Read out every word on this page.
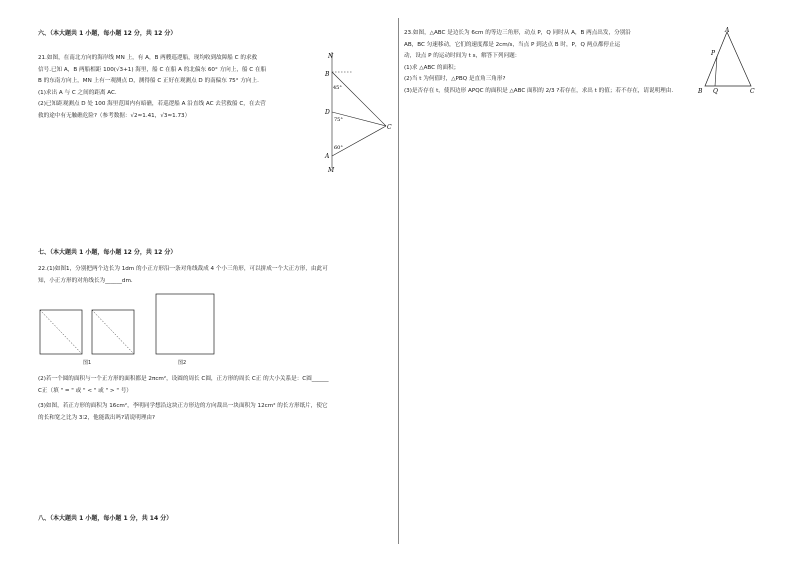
六、（本大题共 1 小题，每小题 12 分，共 12 分）
21.如图，在南北方向的海岸线 MN 上，有 A，B 两艘巡逻船，现均收到故障船 C 的求救
信号.已知 A，B 两船相距 100(√3+1) 海里，船 C 在船 A 的北偏东 60° 方向上，船 C 在船
B 的东南方向上，MN 上有一观测点 D，测得船 C 正好在观测点 D 的南偏东 75° 方向上.
(1)求出 A 与 C 之间的距离 AC.
(2)已知距观测点 D 处 100 海里范围内有暗礁，若巡逻船 A 沿直线 AC 去营救船 C，在去营
救的途中有无触礁危险?（参考数据：√2≈1.41，√3≈1.73）
N
B
D
A
M
C
45°
75°
60°
七、（本大题共 1 小题，每小题 12 分，共 12 分）
22.(1)如图1，分别把两个边长为 1dm 的小正方形沿一条对角线裁成 4 个小三角形，可以拼成一个大正方形，由此可
知，小正方形的对角线长为______dm.
图1	图2
(2)若一个圆的面积与一个正方形的面积都是 2πcm²，设圆的周长 C圆，正方形的周长 C正 的大小关系是：C圆______
C正（填 " = " 或 " < " 或 " > " 号）
(3)如图，若正方形的面积为 16cm²，李明同学想沿这块正方形边的方向裁出一块面积为 12cm² 的长方形纸片，使它
的长和宽之比为 3∶2，他能裁出吗?请说明理由?
八、（本大题共 1 小题，每小题 1 分，共 14 分）
23.如图，△ABC 是边长为 6cm 的等边三角形，动点 P，Q 同时从 A，B 两点出发，分别沿
AB，BC 匀速移动，它们的速度都是 2cm/s，当点 P 到达点 B 时，P，Q 两点都停止运
动，设点 P 的运动时间为 t s，解答下列问题：
(1)求 △ABC 的面积；
(2)当 t 为何值时，△PBQ 是直角三角形?
(3)是否存在 t，使四边形 APQC 的面积是 △ABC 面积的 2/3 ?若存在，求出 t 的值；若不存在，请说明理由.
A
P
B Q	C
